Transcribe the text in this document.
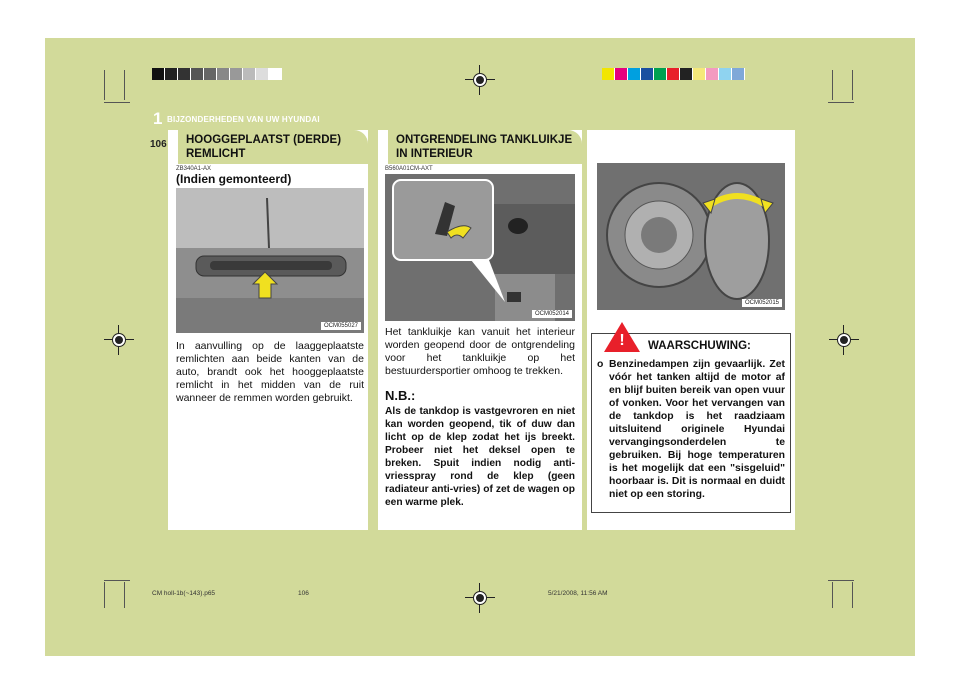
1 BIJZONDERHEDEN VAN UW HYUNDAI
106	HOOGGEPLAATST (DERDE) REMLICHT
ZB340A1-AX
(Indien gemonteerd)
OCM055027
In aanvulling op de laaggeplaatste remlichten aan beide kanten van de auto, brandt ook het hooggeplaatste remlicht in het midden van de ruit wanneer de remmen worden gebruikt.
ONTGRENDELING TANKLUIKJE IN INTERIEUR
B560A01CM-AXT
OCM052014
Het tankluikje kan vanuit het interieur worden geopend door de ontgrendeling voor het tankluikje op het bestuurdersportier omhoog te trekken.
N.B.:
Als de tankdop is vastgevroren en niet kan worden geopend, tik of duw dan licht op de klep zodat het ijs breekt. Probeer niet het deksel open te breken. Spuit indien nodig anti-vriesspray rond de klep (geen radiateur anti-vries) of zet de wagen op een warme plek.
OCM052015
! WAARSCHUWING:
o Benzinedampen zijn gevaarlijk. Zet vóór het tanken altijd de motor af en blijf buiten bereik van open vuur of vonken. Voor het vervangen van de tankdop is het raadziaam uitsluitend originele Hyundai vervangingsonderdelen te gebruiken. Bij hoge temperaturen is het mogelijk dat een "sisgeluid" hoorbaar is. Dit is normaal en duidt niet op een storing.
CM holl-1b(~143).p65	106	5/21/2008, 11:56 AM
